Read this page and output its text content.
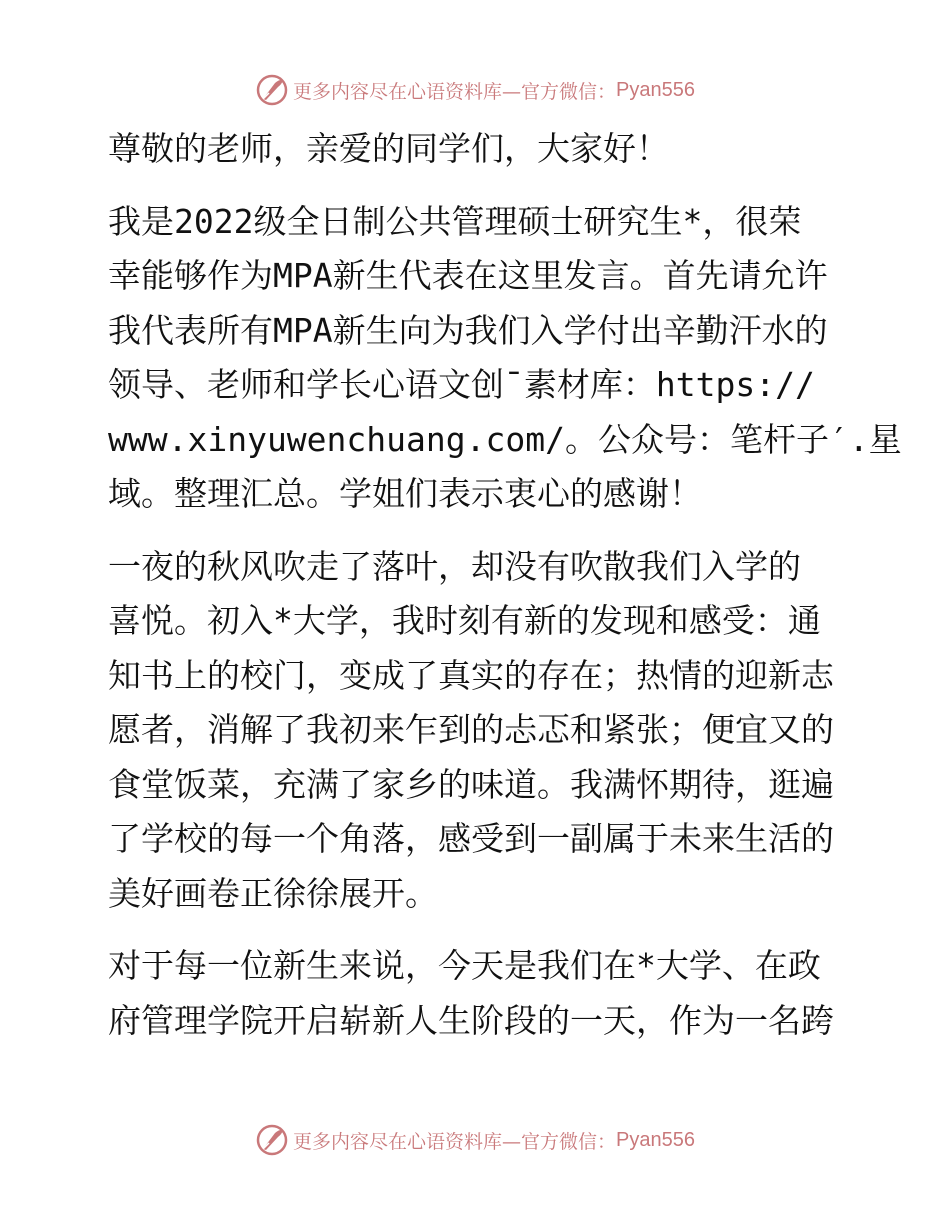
更多内容尽在心语资料库—官方微信： Pyan556

尊敬的老师，亲爱的同学们，大家好！

我是2022级全日制公共管理硕士研究生*，很荣
幸能够作为MPA新生代表在这里发言。首先请允许
我代表所有MPA新生向为我们入学付出辛勤汗水的
领导、老师和学长心语文创¯素材库：https://
www.xinyuwenchuang.com/。公众号：笔杆子′.星
域。整理汇总。学姐们表示衷心的感谢！

一夜的秋风吹走了落叶，却没有吹散我们入学的
喜悦。初入*大学，我时刻有新的发现和感受：通
知书上的校门，变成了真实的存在；热情的迎新志
愿者，消解了我初来乍到的忐忑和紧张；便宜又的
食堂饭菜，充满了家乡的味道。我满怀期待，逛遍
了学校的每一个角落，感受到一副属于未来生活的
美好画卷正徐徐展开。

对于每一位新生来说，今天是我们在*大学、在政
府管理学院开启崭新人生阶段的一天，作为一名跨

更多内容尽在心语资料库—官方微信： Pyan556
